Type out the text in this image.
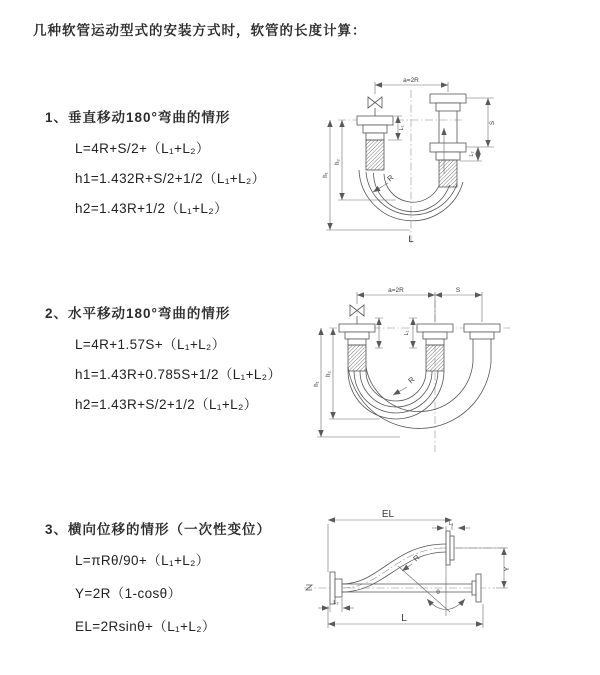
几种软管运动型式的安装方式时，软管的长度计算：
1、垂直移动180°弯曲的情形
L=4R+S/2+（L₁+L₂）
h1=1.432R+S/2+1/2（L₁+L₂）
h2=1.43R+1/2（L₁+L₂）
2、水平移动180°弯曲的情形
L=4R+1.57S+（L₁+L₂）
h1=1.43R+0.785S+1/2（L₁+L₂）
h2=1.43R+S/2+1/2（L₁+L₂）
3、横向位移的情形（一次性变位）
L=πRθ/90+（L₁+L₂）
Y=2R（1-cosθ）
EL=2Rsinθ+（L₁+L₂）
a=2R
h₁
h₂
S
L₂
L₁
R
L
a=2R	S
h₁
h₂
L₁
R
EL
L₁
Y
R
θ
L₂
L
